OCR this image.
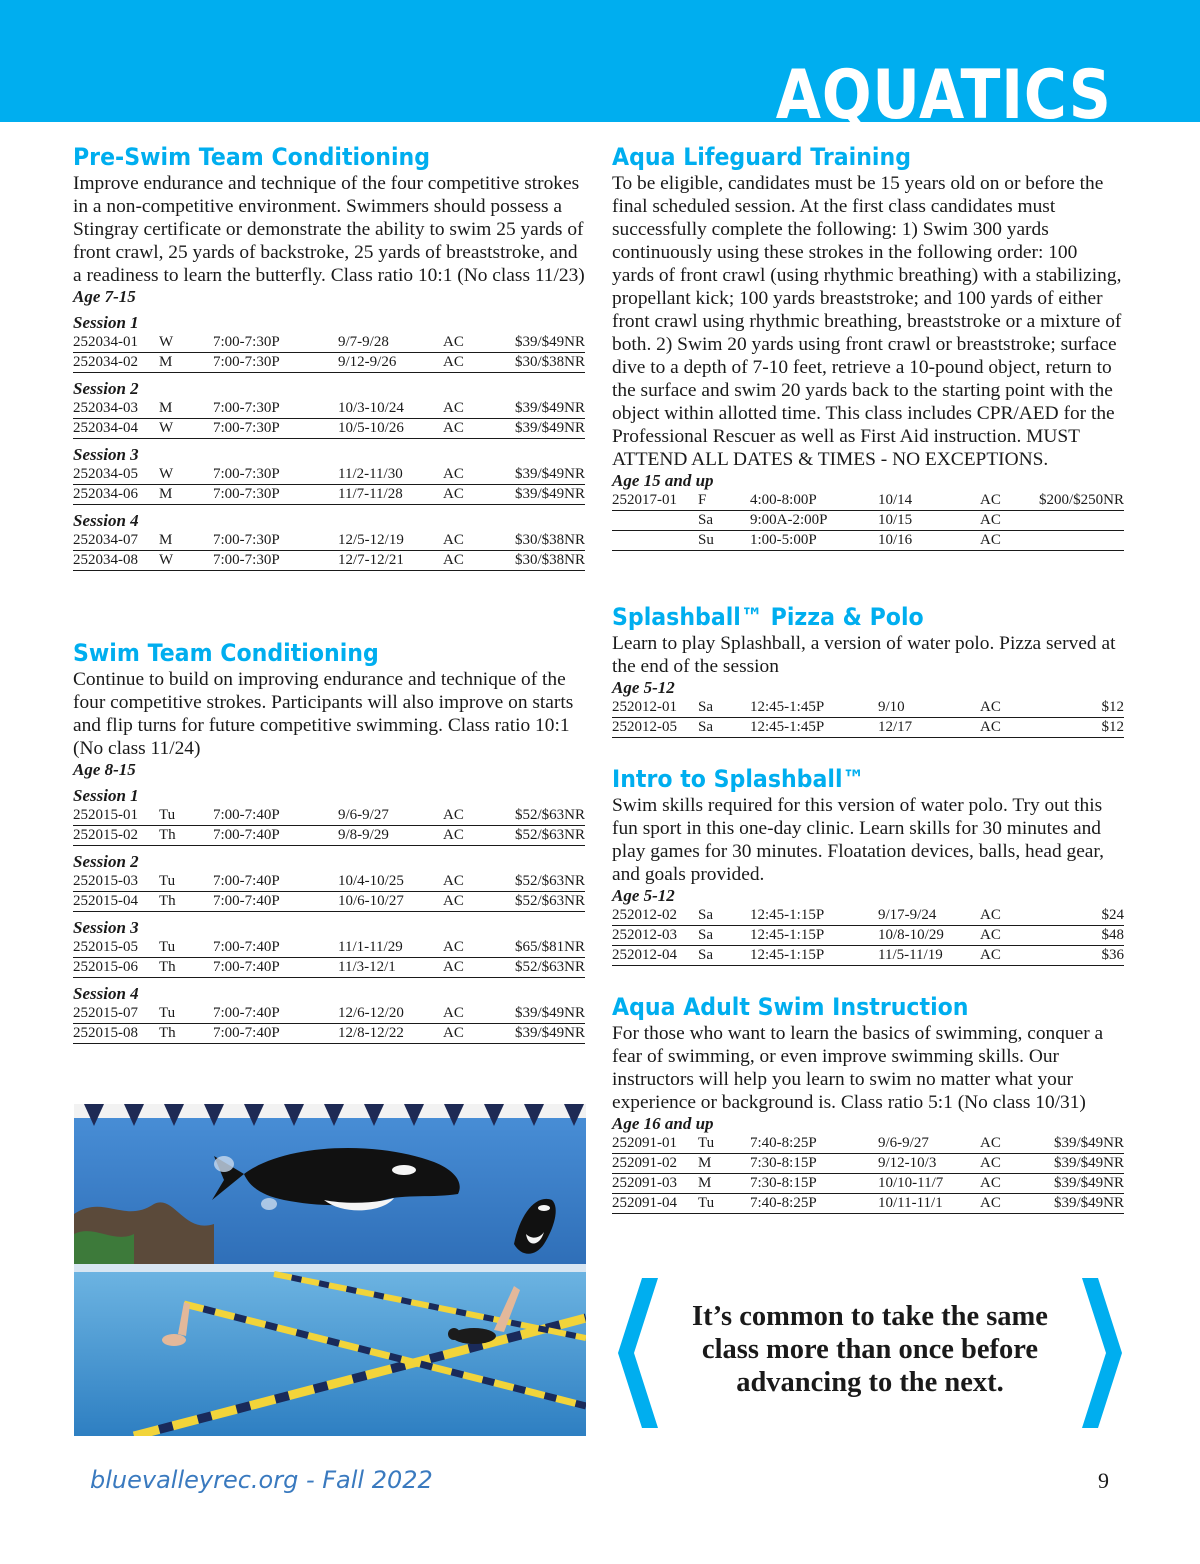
AQUATICS
Pre-Swim Team Conditioning
Improve endurance and technique of the four competitive strokes in a non-competitive environment. Swimmers should possess a Stingray certificate or demonstrate the ability to swim 25 yards of front crawl, 25 yards of backstroke, 25 yards of breaststroke, and a readiness to learn the butterfly. Class ratio 10:1 (No class 11/23)
Age 7-15
Session 1
252034-01 W	7:00-7:30P	9/7-9/28	AC	$39/$49NR
252034-02 M	7:00-7:30P	9/12-9/26	AC	$30/$38NR
Session 2
252034-03 M	7:00-7:30P	10/3-10/24	AC	$39/$49NR
252034-04 W	7:00-7:30P	10/5-10/26	AC	$39/$49NR
Session 3
252034-05 W	7:00-7:30P	11/2-11/30	AC	$39/$49NR
252034-06 M	7:00-7:30P	11/7-11/28	AC	$39/$49NR
Session 4
252034-07 M	7:00-7:30P	12/5-12/19	AC	$30/$38NR
252034-08 W	7:00-7:30P	12/7-12/21	AC	$30/$38NR
Swim Team Conditioning
Continue to build on improving endurance and technique of the four competitive strokes. Participants will also improve on starts and flip turns for future competitive swimming. Class ratio 10:1 (No class 11/24)
Age 8-15
Session 1
252015-01 Tu	7:00-7:40P	9/6-9/27	AC	$52/$63NR
252015-02 Th 7:00-7:40P	9/8-9/29	AC	$52/$63NR
Session 2
252015-03 Tu	7:00-7:40P	10/4-10/25	AC	$52/$63NR
252015-04 Th 7:00-7:40P	10/6-10/27	AC	$52/$63NR
Session 3
252015-05 Tu	7:00-7:40P	11/1-11/29	AC	$65/$81NR
252015-06 Th 7:00-7:40P	11/3-12/1	AC	$52/$63NR
Session 4
252015-07 Tu	7:00-7:40P	12/6-12/20	AC	$39/$49NR
252015-08 Th 7:00-7:40P	12/8-12/22	AC	$39/$49NR
Aqua Lifeguard Training
To be eligible, candidates must be 15 years old on or before the final scheduled session. At the first class candidates must successfully complete the following: 1) Swim 300 yards continuously using these strokes in the following order: 100 yards of front crawl (using rhythmic breathing) with a stabilizing, propellant kick; 100 yards breaststroke; and 100 yards of either front crawl using rhythmic breathing, breaststroke or a mixture of both. 2) Swim 20 yards using front crawl or breaststroke; surface dive to a depth of 7-10 feet, retrieve a 10-pound object, return to the surface and swim 20 yards back to the starting point with the object within allotted time. This class includes CPR/AED for the Professional Rescuer as well as First Aid instruction. MUST ATTEND ALL DATES & TIMES - NO EXCEPTIONS.
Age 15 and up
252017-01 F	4:00-8:00P	10/14	AC	$200/$250NR
Sa 9:00A-2:00P	10/15	AC
Su 1:00-5:00P	10/16	AC
Splashball™ Pizza & Polo
Learn to play Splashball, a version of water polo. Pizza served at the end of the session
Age 5-12
252012-01 Sa 12:45-1:45P	9/10	AC	$12
252012-05 Sa 12:45-1:45P	12/17	AC	$12
Intro to Splashball™
Swim skills required for this version of water polo. Try out this fun sport in this one-day clinic. Learn skills for 30 minutes and play games for 30 minutes. Floatation devices, balls, head gear, and goals provided.
Age 5-12
252012-02 Sa 12:45-1:15P	9/17-9/24	AC	$24
252012-03 Sa 12:45-1:15P	10/8-10/29 AC	$48
252012-04 Sa 12:45-1:15P	11/5-11/19 AC	$36
Aqua Adult Swim Instruction
For those who want to learn the basics of swimming, conquer a fear of swimming, or even improve swimming skills. Our instructors will help you learn to swim no matter what your experience or background is. Class ratio 5:1 (No class 10/31)
Age 16 and up
252091-01 Tu 7:40-8:25P	9/6-9/27	AC	$39/$49NR
252091-02 M	7:30-8:15P	9/12-10/3	AC	$39/$49NR
252091-03 M	7:30-8:15P	10/10-11/7 AC	$39/$49NR
252091-04 Tu 7:40-8:25P	10/11-11/1 AC	$39/$49NR
It’s common to take the same class more than once before advancing to the next.
bluevalleyrec.org - Fall 2022	9
